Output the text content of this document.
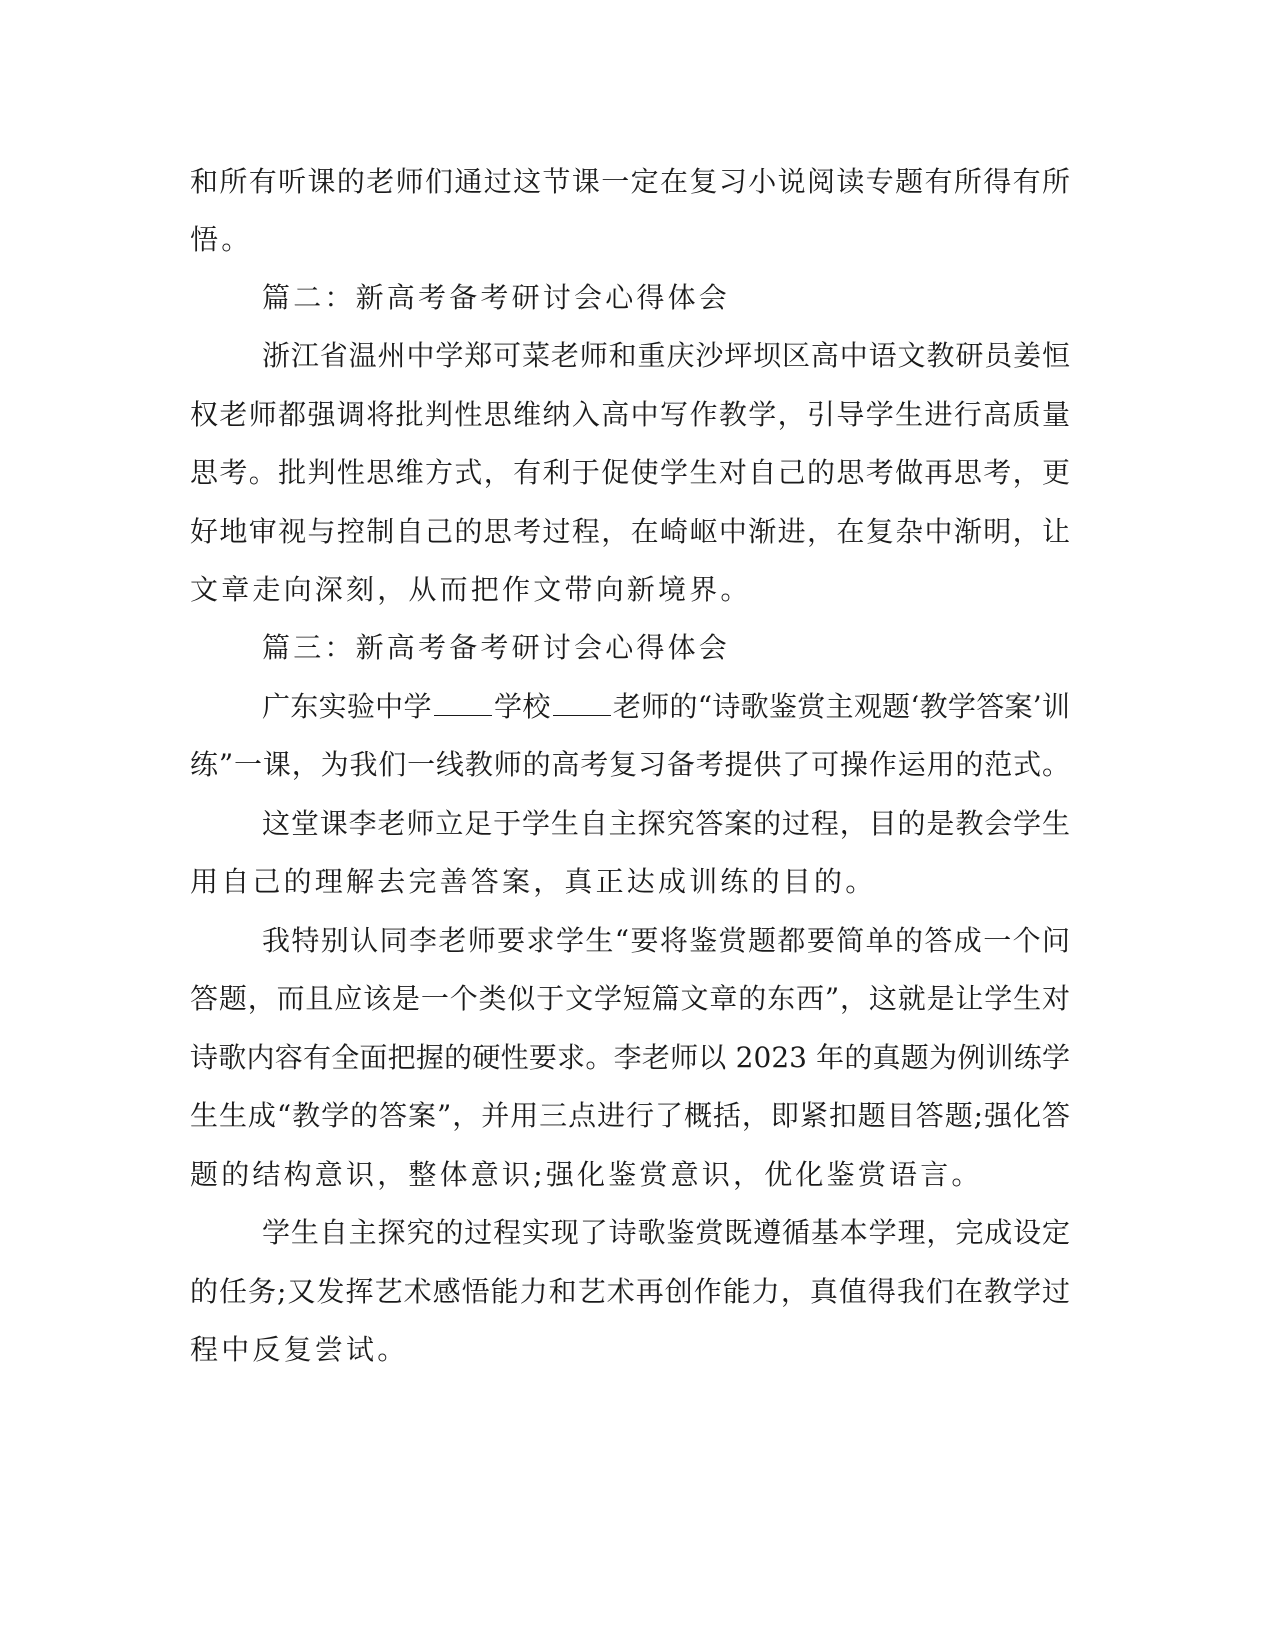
和所有听课的老师们通过这节课一定在复习小说阅读专题有所得有所
悟。
篇二：新高考备考研讨会心得体会
浙江省温州中学郑可菜老师和重庆沙坪坝区高中语文教研员姜恒
权老师都强调将批判性思维纳入高中写作教学，引导学生进行高质量
思考。批判性思维方式，有利于促使学生对自己的思考做再思考，更
好地审视与控制自己的思考过程，在崎岖中渐进，在复杂中渐明，让
文章走向深刻，从而把作文带向新境界。
篇三：新高考备考研讨会心得体会
广东实验中学 学校 老师的“诗歌鉴赏主观题‘教学答案’训
练”一课，为我们一线教师的高考复习备考提供了可操作运用的范式。
这堂课李老师立足于学生自主探究答案的过程，目的是教会学生
用自己的理解去完善答案，真正达成训练的目的。
我特别认同李老师要求学生“要将鉴赏题都要简单的答成一个问
答题，而且应该是一个类似于文学短篇文章的东西”，这就是让学生对
诗歌内容有全面把握的硬性要求。李老师以 2023 年的真题为例训练学
生生成“教学的答案”，并用三点进行了概括，即紧扣题目答题;强化答
题的结构意识，整体意识;强化鉴赏意识，优化鉴赏语言。
学生自主探究的过程实现了诗歌鉴赏既遵循基本学理，完成设定
的任务;又发挥艺术感悟能力和艺术再创作能力，真值得我们在教学过
程中反复尝试。
